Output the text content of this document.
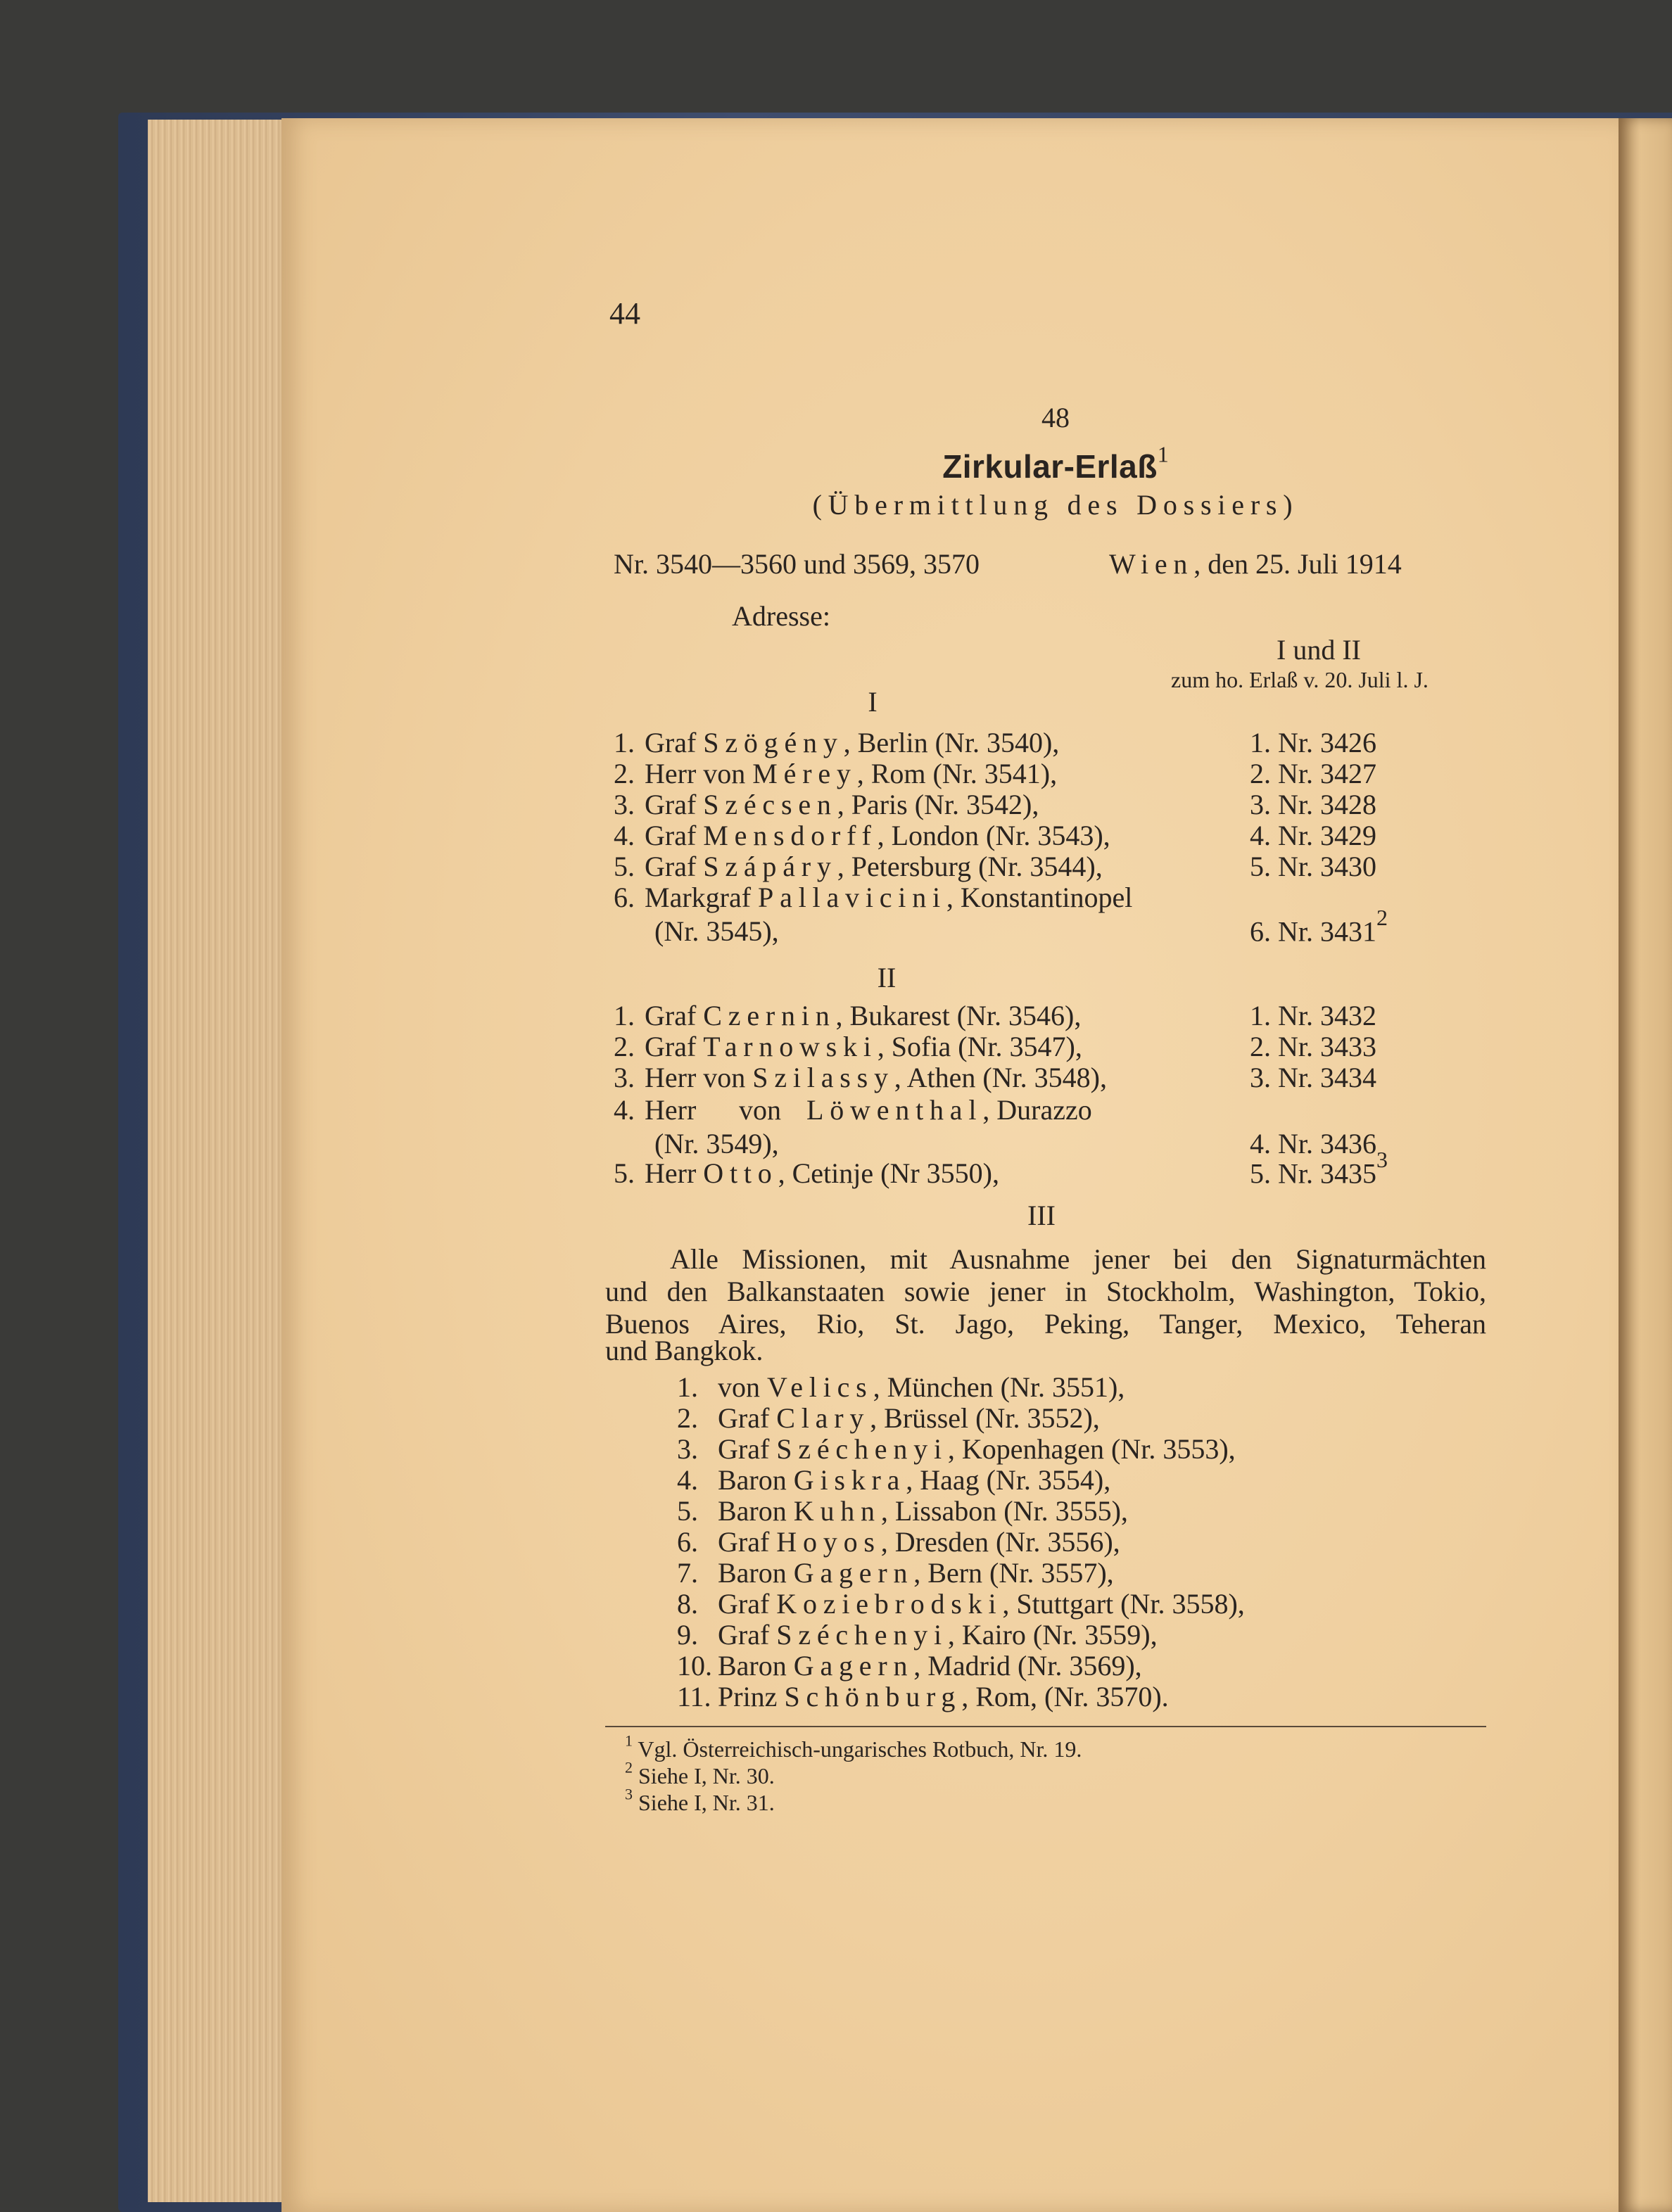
44
48
Zirkular-Erlaß$^1$
(Übermittlung des Dossiers)
Nr. 3540—3560 und 3569, 3570	Wien, den 25. Juli 1914
Adresse:
I und II
zum ho. Erlaß v. 20. Juli l. J.
I
1. Graf Szögény, Berlin (Nr. 3540),	1. Nr. 3426
2. Herr von Mérey, Rom (Nr. 3541),	2. Nr. 3427
3. Graf Szécsen, Paris (Nr. 3542),	3. Nr. 3428
4. Graf Mensdorff, London (Nr. 3543),	4. Nr. 3429
5. Graf Szápáry, Petersburg (Nr. 3544),	5. Nr. 3430
6. Markgraf Pallavicini, Konstantinopel
(Nr. 3545),	6. Nr. 3431$^2$
II
1. Graf Czernin, Bukarest (Nr. 3546),	1. Nr. 3432
2. Graf Tarnowski, Sofia (Nr. 3547),	2. Nr. 3433
3. Herr von Szilassy, Athen (Nr. 3548),	3. Nr. 3434
4. Herr von Löwenthal, Durazzo
(Nr. 3549),	4. Nr. 3436
5. Herr Otto, Cetinje (Nr 3550),	5. Nr. 3435$^3$
III
Alle Missionen, mit Ausnahme jener bei den Signaturmächten
und den Balkanstaaten sowie jener in Stockholm, Washington, Tokio,
Buenos Aires, Rio, St. Jago, Peking, Tanger, Mexico, Teheran
und Bangkok.
1. von Velics, München (Nr. 3551),
2. Graf Clary, Brüssel (Nr. 3552),
3. Graf Széchenyi, Kopenhagen (Nr. 3553),
4. Baron Giskra, Haag (Nr. 3554),
5. Baron Kuhn, Lissabon (Nr. 3555),
6. Graf Hoyos, Dresden (Nr. 3556),
7. Baron Gagern, Bern (Nr. 3557),
8. Graf Koziebrodski, Stuttgart (Nr. 3558),
9. Graf Széchenyi, Kairo (Nr. 3559),
10. Baron Gagern, Madrid (Nr. 3569),
11. Prinz Schönburg, Rom, (Nr. 3570).
$^1$ Vgl. Österreichisch-ungarisches Rotbuch, Nr. 19.
$^2$ Siehe I, Nr. 30.
$^3$ Siehe I, Nr. 31.
